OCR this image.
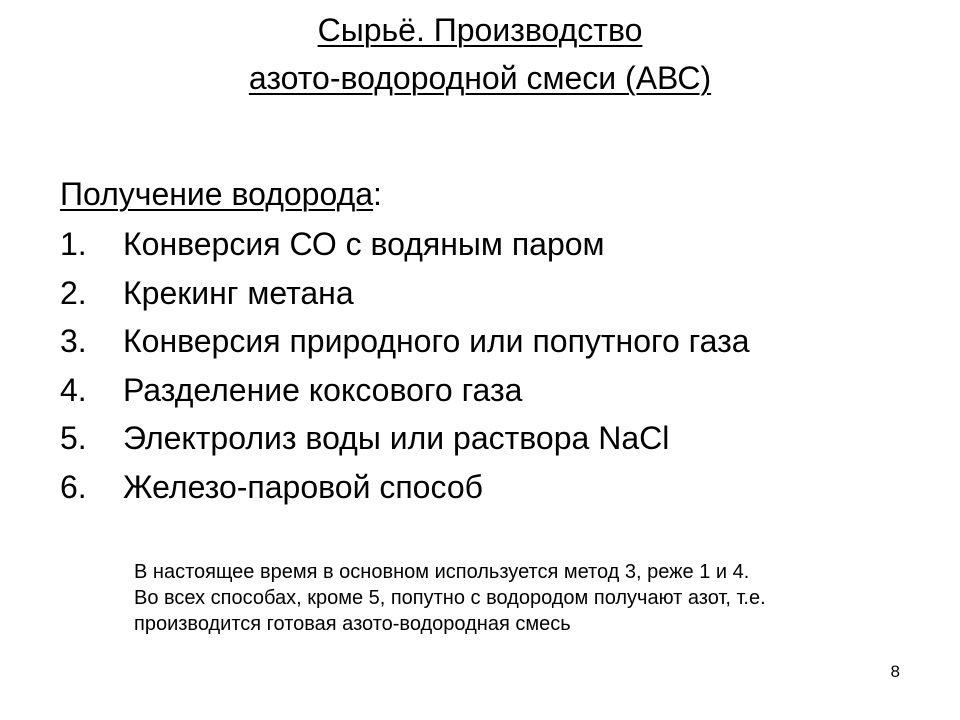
Сырьё. Производство
азото-водородной смеси (АВС)

Получение водорода:

1.	Конверсия СО с водяным паром
2.	Крекинг метана
3.	Конверсия природного или попутного газа
4.	Разделение коксового газа
5.	Электролиз воды или раствора NaCl
6.	Железо-паровой способ

В настоящее время в основном используется метод 3, реже 1 и 4.

Во всех способах, кроме 5, попутно с водородом получают азот, т.е.

производится готовая азото-водородная смесь

8
